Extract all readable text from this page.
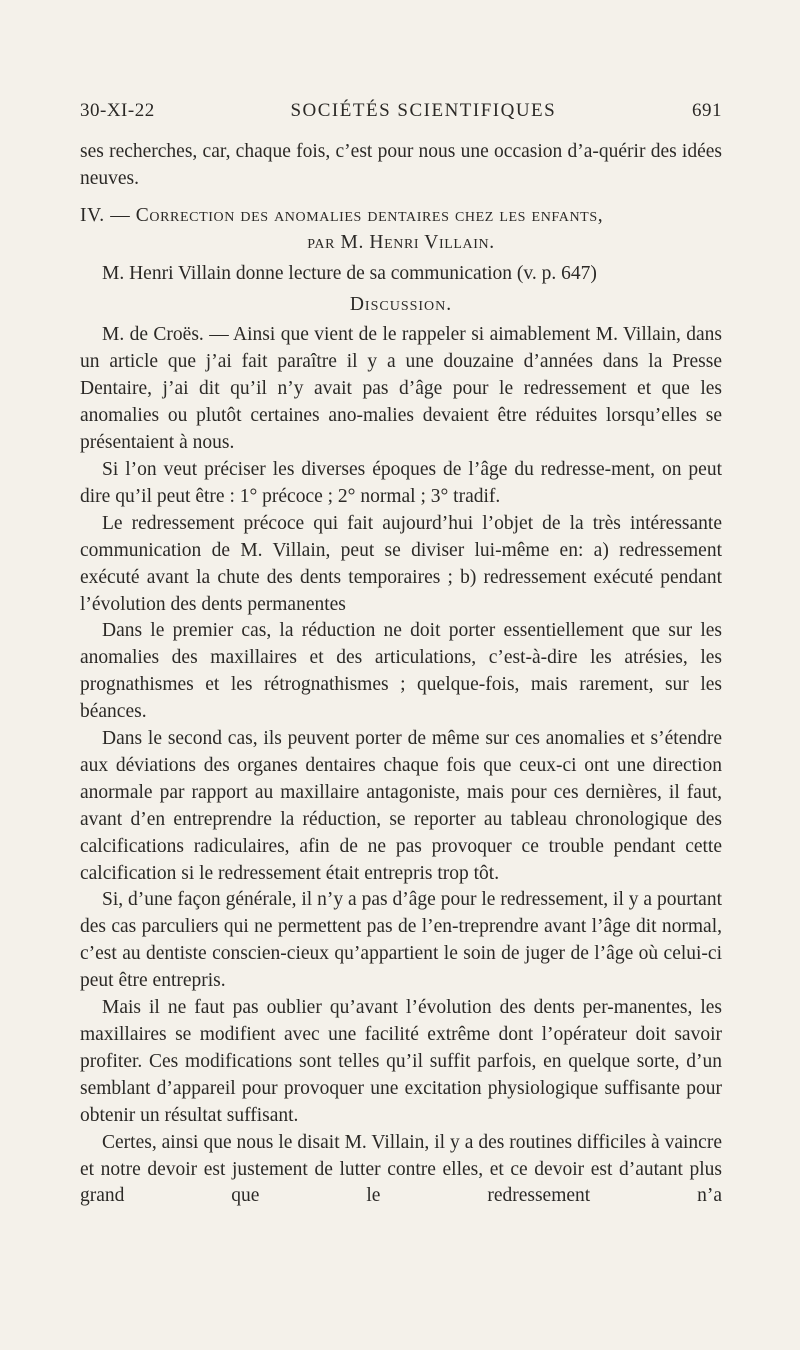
30-XI-22	SOCIÉTÉS SCIENTIFIQUES	691

ses recherches, car, chaque fois, c’est pour nous une occasion d’a-quérir des idées neuves.

IV. — Correction des anomalies dentaires chez les enfants,

par M. Henri Villain.

M. Henri Villain donne lecture de sa communication (v. p. 647)

Discussion.

M. de Croës. — Ainsi que vient de le rappeler si aimablement M. Villain, dans un article que j’ai fait paraître il y a une douzaine d’années dans la Presse Dentaire, j’ai dit qu’il n’y avait pas d’âge pour le redressement et que les anomalies ou plutôt certaines ano-malies devaient être réduites lorsqu’elles se présentaient à nous.

Si l’on veut préciser les diverses époques de l’âge du redresse-ment, on peut dire qu’il peut être : 1° précoce ; 2° normal ; 3° tradif.

Le redressement précoce qui fait aujourd’hui l’objet de la très intéressante communication de M. Villain, peut se diviser lui-même en: a) redressement exécuté avant la chute des dents temporaires ; b) redressement exécuté pendant l’évolution des dents permanentes

Dans le premier cas, la réduction ne doit porter essentiellement que sur les anomalies des maxillaires et des articulations, c’est-à-dire les atrésies, les prognathismes et les rétrognathismes ; quelque-fois, mais rarement, sur les béances.

Dans le second cas, ils peuvent porter de même sur ces anomalies et s’étendre aux déviations des organes dentaires chaque fois que ceux-ci ont une direction anormale par rapport au maxillaire antagoniste, mais pour ces dernières, il faut, avant d’en entreprendre la réduction, se reporter au tableau chronologique des calcifications radiculaires, afin de ne pas provoquer ce trouble pendant cette calcification si le redressement était entrepris trop tôt.

Si, d’une façon générale, il n’y a pas d’âge pour le redressement, il y a pourtant des cas parculiers qui ne permettent pas de l’en-treprendre avant l’âge dit normal, c’est au dentiste conscien-cieux qu’appartient le soin de juger de l’âge où celui-ci peut être entrepris.

Mais il ne faut pas oublier qu’avant l’évolution des dents per-manentes, les maxillaires se modifient avec une facilité extrême dont l’opérateur doit savoir profiter. Ces modifications sont telles qu’il suffit parfois, en quelque sorte, d’un semblant d’appareil pour provoquer une excitation physiologique suffisante pour obtenir un résultat suffisant.

Certes, ainsi que nous le disait M. Villain, il y a des routines difficiles à vaincre et notre devoir est justement de lutter contre elles, et ce devoir est d’autant plus grand que le redressement n’a
